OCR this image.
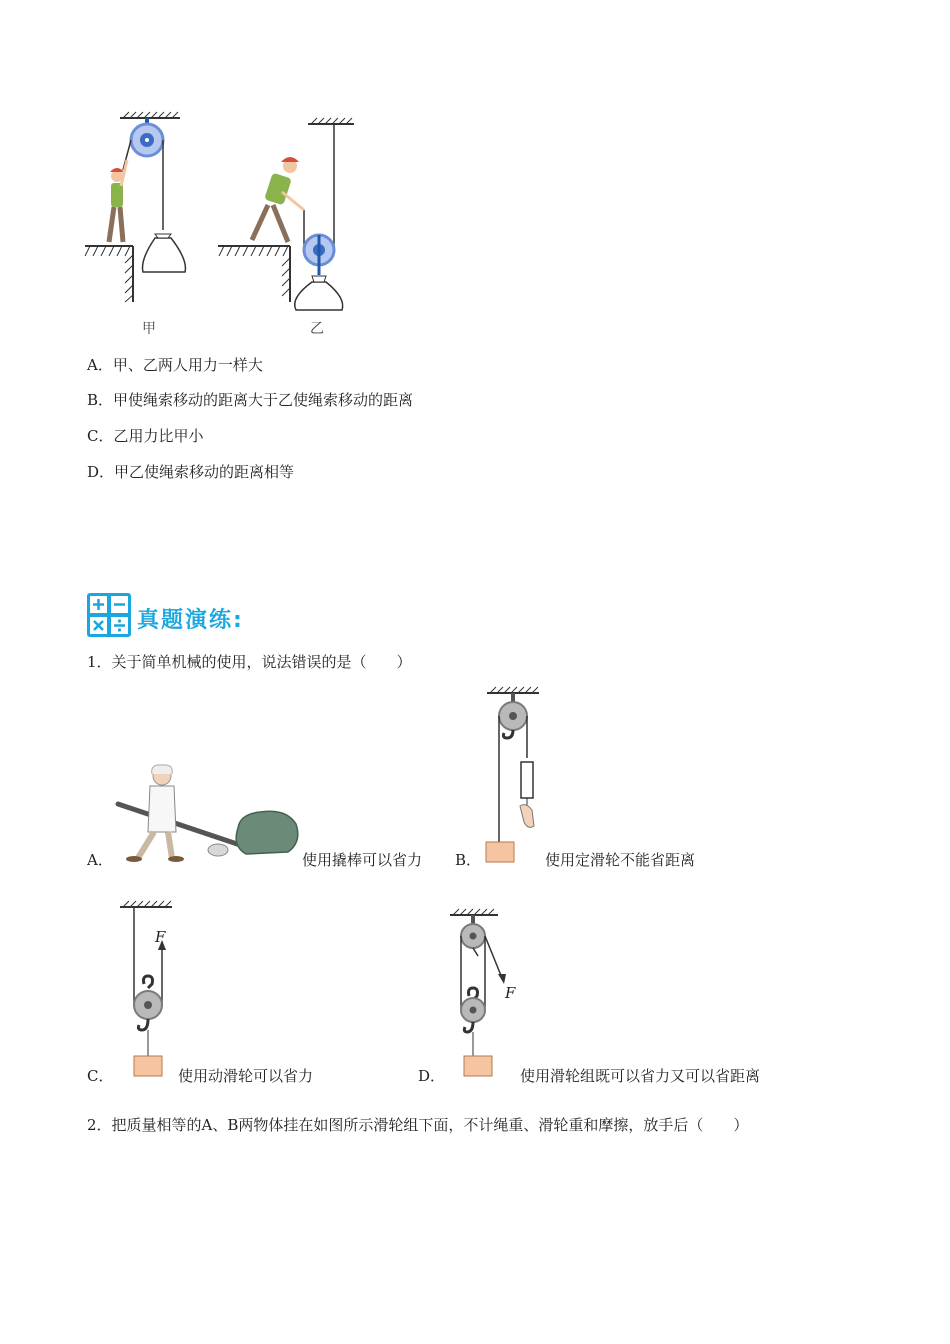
甲	乙
A．甲、乙两人用力一样大
B．甲使绳索移动的距离大于乙使绳索移动的距离
C．乙用力比甲小
D．甲乙使绳索移动的距离相等
真题演练:
1．关于简单机械的使用，说法错误的是（　　）
A．	使用撬棒可以省力 B．	使用定滑轮不能省距离
C．
F
使用动滑轮可以省力	D．
F
使用滑轮组既可以省力又可以省距离
2．把质量相等的A、B两物体挂在如图所示滑轮组下面，不计绳重、滑轮重和摩擦，放手后（　　）
